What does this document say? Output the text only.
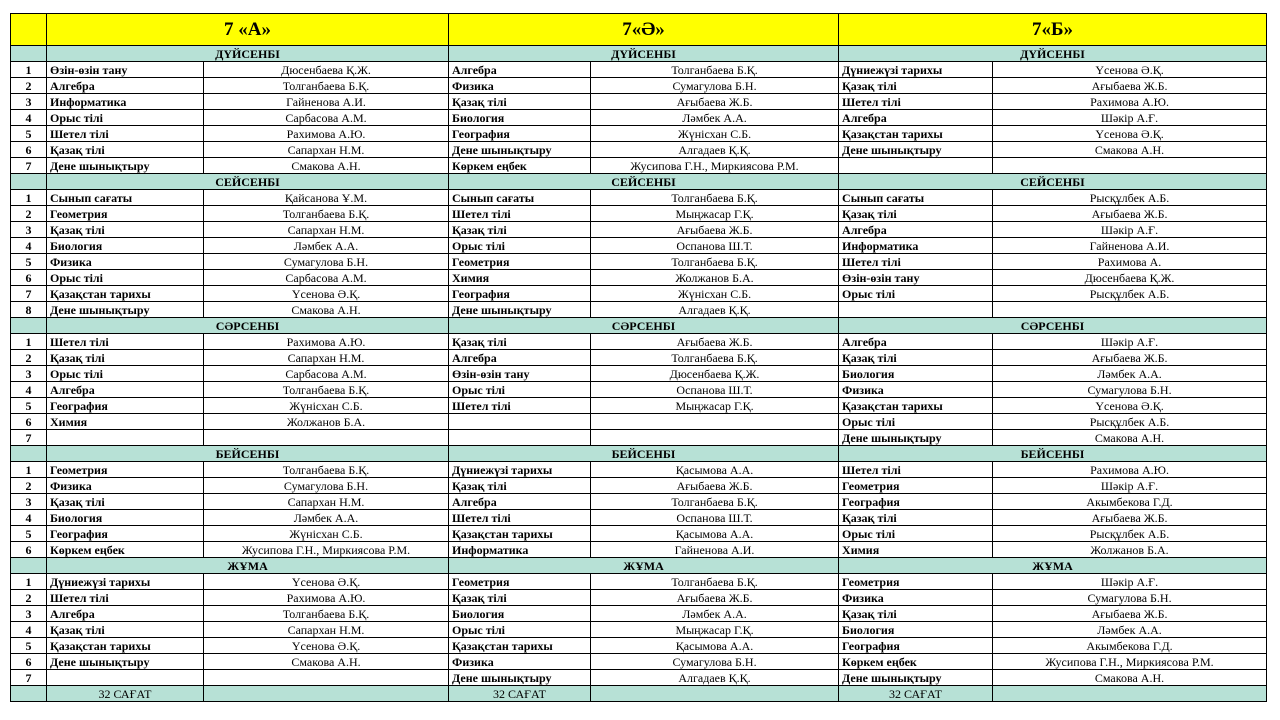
	7 «А»		7«Ә»		7«Б»	
	ДҮЙСЕНБІ		ДҮЙСЕНБІ		ДҮЙСЕНБІ	
1	Өзін-өзін тану	Дюсенбаева Қ.Ж.	Алгебра	Толганбаева Б.Қ.	Дүниежүзі тарихы	Үсенова Ә.Қ.
2	Алгебра	Толганбаева Б.Қ.	Физика	Сумагулова Б.Н.	Қазақ тілі	Ағыбаева Ж.Б.
3	Информатика	Гайненова А.И.	Қазақ тілі	Ағыбаева Ж.Б.	Шетел тілі	Рахимова А.Ю.
4	Орыс тілі	Сарбасова А.М.	Биология	Ләмбек А.А.	Алгебра	Шәкір А.Ғ.
5	Шетел тілі	Рахимова А.Ю.	География	Жүнісхан С.Б.	Қазақстан тарихы	Үсенова Ә.Қ.
6	Қазақ тілі	Сапархан Н.М.	Дене шынықтыру	Алгадаев Қ.Қ.	Дене шынықтыру	Смакова А.Н.
7	Дене шынықтыру	Смакова А.Н.	Көркем еңбек	Жусипова Г.Н., Миркиясова Р.М.		
	СЕЙСЕНБІ		СЕЙСЕНБІ		СЕЙСЕНБІ	
1	Сынып сағаты	Қайсанова Ұ.М.	Сынып сағаты	Толганбаева Б.Қ.	Сынып сағаты	Рысқұлбек А.Б.
2	Геометрия	Толганбаева Б.Қ.	Шетел тілі	Мыңжасар Г.Қ.	Қазақ тілі	Ағыбаева Ж.Б.
3	Қазақ тілі	Сапархан Н.М.	Қазақ тілі	Ағыбаева Ж.Б.	Алгебра	Шәкір А.Ғ.
4	Биология	Ләмбек А.А.	Орыс тілі	Оспанова Ш.Т.	Информатика	Гайненова А.И.
5	Физика	Сумагулова Б.Н.	Геометрия	Толганбаева Б.Қ.	Шетел тілі	Рахимова А.
6	Орыс тілі	Сарбасова А.М.	Химия	Жолжанов Б.А.	Өзін-өзін тану	Дюсенбаева Қ.Ж.
7	Қазақстан тарихы	Үсенова Ә.Қ.	География	Жүнісхан С.Б.	Орыс тілі	Рысқұлбек А.Б.
8	Дене шынықтыру	Смакова А.Н.	Дене шынықтыру	Алгадаев Қ.Қ.		
	СӘРСЕНБІ		СӘРСЕНБІ		СӘРСЕНБІ	
1	Шетел тілі	Рахимова А.Ю.	Қазақ тілі	Ағыбаева Ж.Б.	Алгебра	Шәкір А.Ғ.
2	Қазақ тілі	Сапархан Н.М.	Алгебра	Толганбаева Б.Қ.	Қазақ тілі	Ағыбаева Ж.Б.
3	Орыс тілі	Сарбасова А.М.	Өзін-өзін тану	Дюсенбаева Қ.Ж.	Биология	Ләмбек А.А.
4	Алгебра	Толганбаева Б.Қ.	Орыс тілі	Оспанова Ш.Т.	Физика	Сумагулова Б.Н.
5	География	Жүнісхан С.Б.	Шетел тілі	Мыңжасар Г.Қ.	Қазақстан тарихы	Үсенова Ә.Қ.
6	Химия	Жолжанов Б.А.			Орыс тілі	Рысқұлбек А.Б.
7					Дене шынықтыру	Смакова А.Н.
	БЕЙСЕНБІ		БЕЙСЕНБІ		БЕЙСЕНБІ	
1	Геометрия	Толганбаева Б.Қ.	Дүниежүзі тарихы	Қасымова А.А.	Шетел тілі	Рахимова А.Ю.
2	Физика	Сумагулова Б.Н.	Қазақ тілі	Ағыбаева Ж.Б.	Геометрия	Шәкір А.Ғ.
3	Қазақ тілі	Сапархан Н.М.	Алгебра	Толганбаева Б.Қ.	География	Акымбекова Г.Д.
4	Биология	Ләмбек А.А.	Шетел тілі	Оспанова Ш.Т.	Қазақ тілі	Ағыбаева Ж.Б.
5	География	Жүнісхан С.Б.	Қазақстан тарихы	Қасымова А.А.	Орыс тілі	Рысқұлбек А.Б.
6	Көркем еңбек	Жусипова Г.Н., Миркиясова Р.М.	Информатика	Гайненова А.И.	Химия	Жолжанов Б.А.
	ЖҰМА		ЖҰМА		ЖҰМА	
1	Дүниежүзі тарихы	Үсенова Ә.Қ.	Геометрия	Толганбаева Б.Қ.	Геометрия	Шәкір А.Ғ.
2	Шетел тілі	Рахимова А.Ю.	Қазақ тілі	Ағыбаева Ж.Б.	Физика	Сумагулова Б.Н.
3	Алгебра	Толганбаева Б.Қ.	Биология	Ләмбек А.А.	Қазақ тілі	Ағыбаева Ж.Б.
4	Қазақ тілі	Сапархан Н.М.	Орыс тілі	Мыңжасар Г.Қ.	Биология	Ләмбек А.А.
5	Қазақстан тарихы	Үсенова Ә.Қ.	Қазақстан тарихы	Қасымова А.А.	География	Акымбекова Г.Д.
6	Дене шынықтыру	Смакова А.Н.	Физика	Сумагулова Б.Н.	Көркем еңбек	Жусипова Г.Н., Миркиясова Р.М.
7			Дене шынықтыру	Алгадаев Қ.Қ.	Дене шынықтыру	Смакова А.Н.
	32 САҒАТ		32 САҒАТ		32 САҒАТ	
